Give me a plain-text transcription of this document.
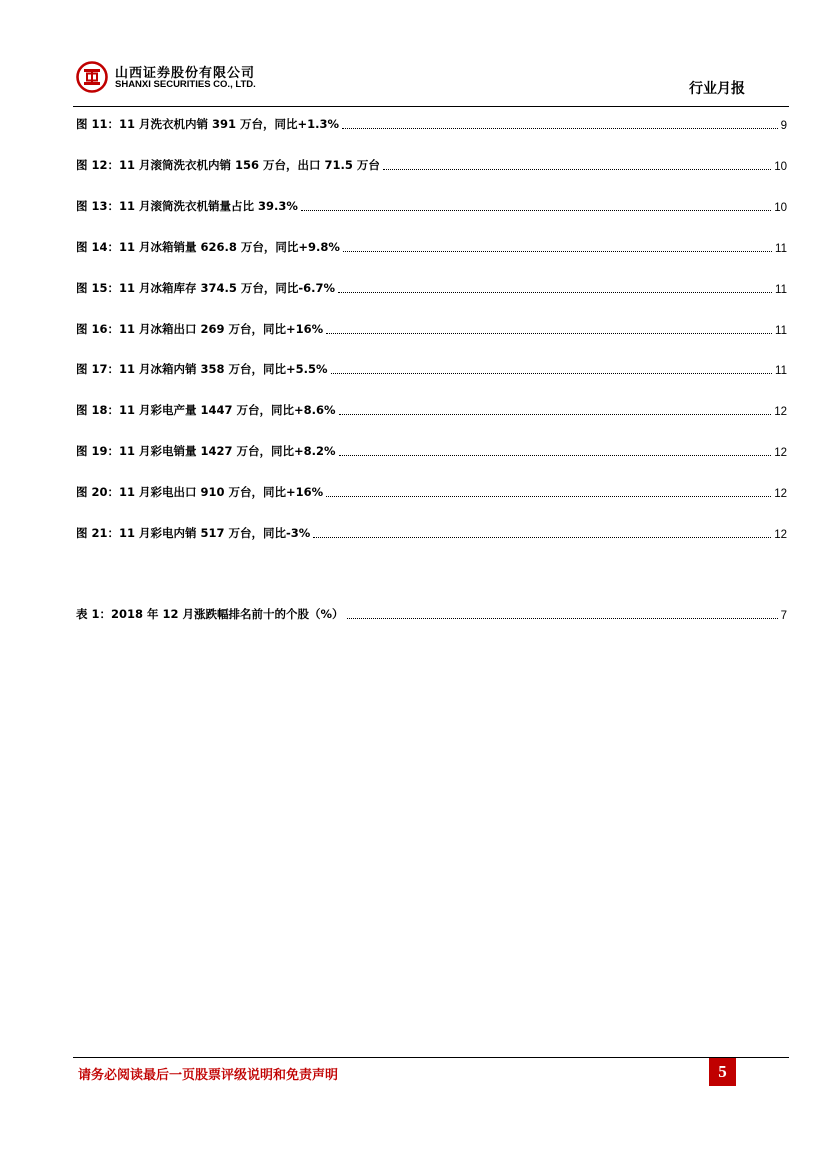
山西证券股份有限公司
SHANXI SECURITIES CO., LTD.	行业月报
图 11：11 月洗衣机内销 391 万台，同比+1.3%	9
图 12：11 月滚筒洗衣机内销 156 万台，出口 71.5 万台	10
图 13：11 月滚筒洗衣机销量占比 39.3%	10
图 14：11 月冰箱销量 626.8 万台，同比+9.8%	11
图 15：11 月冰箱库存 374.5 万台，同比-6.7%	11
图 16：11 月冰箱出口 269 万台，同比+16%	11
图 17：11 月冰箱内销 358 万台，同比+5.5%	11
图 18：11 月彩电产量 1447 万台，同比+8.6%	12
图 19：11 月彩电销量 1427 万台，同比+8.2%	12
图 20：11 月彩电出口 910 万台，同比+16%	12
图 21：11 月彩电内销 517 万台，同比-3%	12
表 1：2018 年 12 月涨跌幅排名前十的个股（%）	7
请务必阅读最后一页股票评级说明和免责声明	5
